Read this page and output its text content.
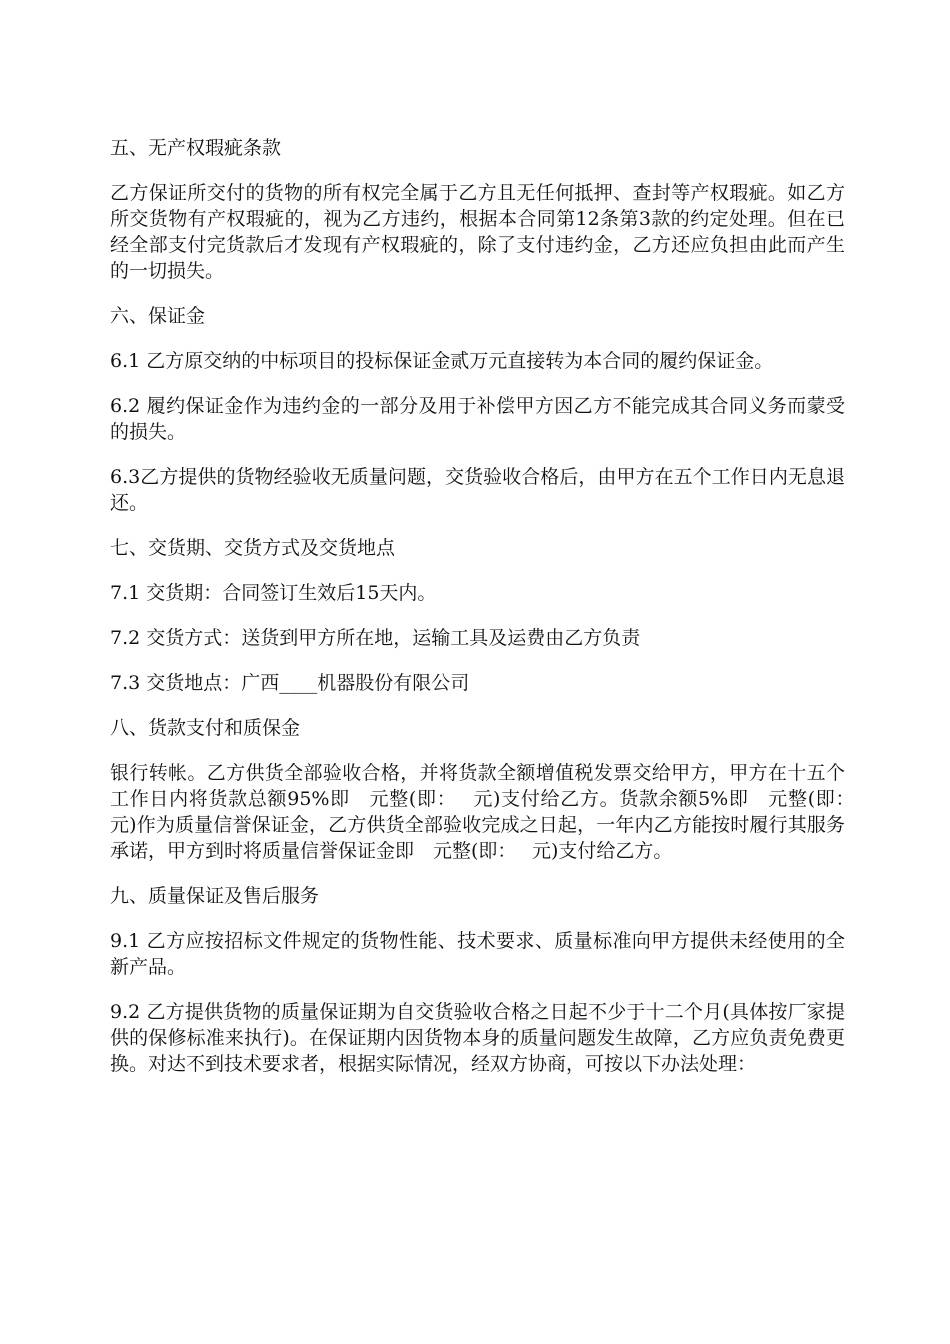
五、无产权瑕疵条款

乙方保证所交付的货物的所有权完全属于乙方且无任何抵押、查封等产权瑕疵。如乙方所交货物有产权瑕疵的，视为乙方违约，根据本合同第12条第3款的约定处理。但在已经全部支付完货款后才发现有产权瑕疵的，除了支付违约金，乙方还应负担由此而产生的一切损失。

六、保证金

6.1 乙方原交纳的中标项目的投标保证金贰万元直接转为本合同的履约保证金。

6.2 履约保证金作为违约金的一部分及用于补偿甲方因乙方不能完成其合同义务而蒙受的损失。

6.3乙方提供的货物经验收无质量问题，交货验收合格后，由甲方在五个工作日内无息退还。

七、交货期、交货方式及交货地点

7.1 交货期：合同签订生效后15天内。

7.2 交货方式：送货到甲方所在地，运输工具及运费由乙方负责

7.3 交货地点：广西____机器股份有限公司

八、货款支付和质保金

银行转帐。乙方供货全部验收合格，并将货款全额增值税发票交给甲方，甲方在十五个工作日内将货款总额95%即　元整(即：　 元)支付给乙方。货款余额5%即　元整(即：　 元)作为质量信誉保证金，乙方供货全部验收完成之日起，一年内乙方能按时履行其服务承诺，甲方到时将质量信誉保证金即　元整(即：　 元)支付给乙方。

九、质量保证及售后服务

9.1 乙方应按招标文件规定的货物性能、技术要求、质量标准向甲方提供未经使用的全新产品。

9.2 乙方提供货物的质量保证期为自交货验收合格之日起不少于十二个月(具体按厂家提供的保修标准来执行)。在保证期内因货物本身的质量问题发生故障，乙方应负责免费更换。对达不到技术要求者，根据实际情况，经双方协商，可按以下办法处理：
